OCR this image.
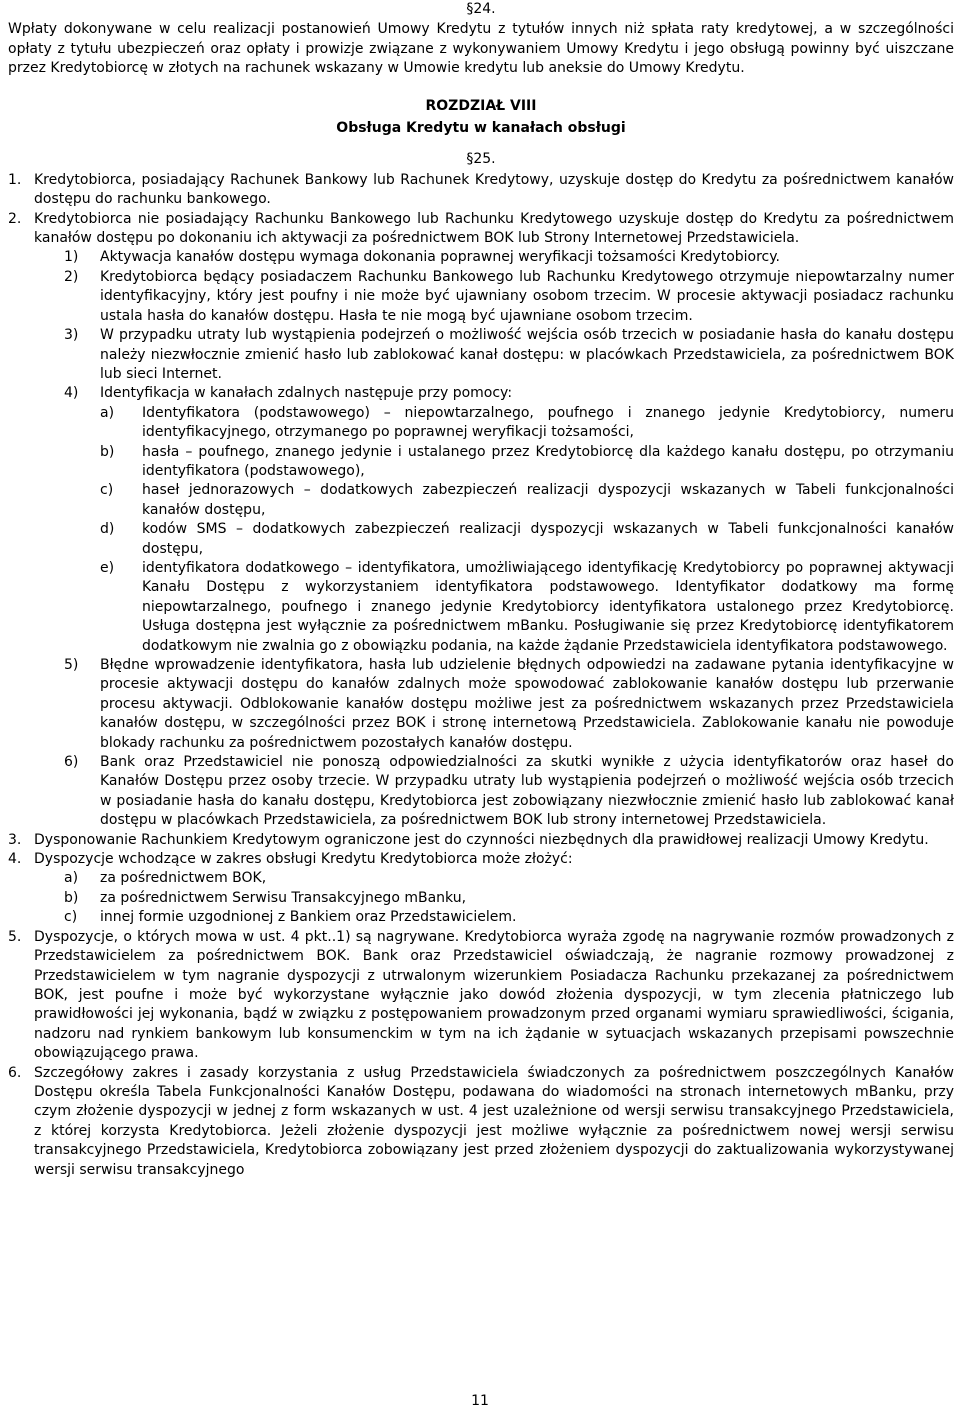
§24.

Wpłaty dokonywane w celu realizacji postanowień Umowy Kredytu z tytułów innych niż spłata raty kredytowej, a w szczególności opłaty z tytułu ubezpieczeń oraz opłaty i prowizje związane z wykonywaniem Umowy Kredytu i jego obsługą powinny być uiszczane przez Kredytobiorcę w złotych na rachunek wskazany w Umowie kredytu lub aneksie do Umowy Kredytu.

ROZDZIAŁ VIII
Obsługa Kredytu w kanałach obsługi
§25.
1. Kredytobiorca, posiadający Rachunek Bankowy lub Rachunek Kredytowy, uzyskuje dostęp do Kredytu za pośrednictwem kanałów dostępu do rachunku bankowego.
2. Kredytobiorca nie posiadający Rachunku Bankowego lub Rachunku Kredytowego uzyskuje dostęp do Kredytu za pośrednictwem kanałów dostępu po dokonaniu ich aktywacji za pośrednictwem BOK lub Strony Internetowej Przedstawiciela.
1) Aktywacja kanałów dostępu wymaga dokonania poprawnej weryfikacji tożsamości Kredytobiorcy.
2) Kredytobiorca będący posiadaczem Rachunku Bankowego lub Rachunku Kredytowego otrzymuje niepowtarzalny numer identyfikacyjny, który jest poufny i nie może być ujawniany osobom trzecim. W procesie aktywacji posiadacz rachunku ustala hasła do kanałów dostępu. Hasła te nie mogą być ujawniane osobom trzecim.
3) W przypadku utraty lub wystąpienia podejrzeń o możliwość wejścia osób trzecich w posiadanie hasła do kanału dostępu należy niezwłocznie zmienić hasło lub zablokować kanał dostępu: w placówkach Przedstawiciela, za pośrednictwem BOK lub sieci Internet.
4) Identyfikacja w kanałach zdalnych następuje przy pomocy:
a) Identyfikatora (podstawowego) – niepowtarzalnego, poufnego i znanego jedynie Kredytobiorcy, numeru identyfikacyjnego, otrzymanego po poprawnej weryfikacji tożsamości,
b) hasła – poufnego, znanego jedynie i ustalanego przez Kredytobiorcę dla każdego kanału dostępu, po otrzymaniu identyfikatora (podstawowego),
c) haseł jednorazowych – dodatkowych zabezpieczeń realizacji dyspozycji wskazanych w Tabeli funkcjonalności kanałów dostępu,
d) kodów SMS – dodatkowych zabezpieczeń realizacji dyspozycji wskazanych w Tabeli funkcjonalności kanałów dostępu,
e) identyfikatora dodatkowego – identyfikatora, umożliwiającego identyfikację Kredytobiorcy po poprawnej aktywacji Kanału Dostępu z wykorzystaniem identyfikatora podstawowego. Identyfikator dodatkowy ma formę niepowtarzalnego, poufnego i znanego jedynie Kredytobiorcy identyfikatora ustalonego przez Kredytobiorcę. Usługa dostępna jest wyłącznie za pośrednictwem mBanku. Posługiwanie się przez Kredytobiorcę identyfikatorem dodatkowym nie zwalnia go z obowiązku podania, na każde żądanie Przedstawiciela identyfikatora podstawowego.
5) Błędne wprowadzenie identyfikatora, hasła lub udzielenie błędnych odpowiedzi na zadawane pytania identyfikacyjne w procesie aktywacji dostępu do kanałów zdalnych może spowodować zablokowanie kanałów dostępu lub przerwanie procesu aktywacji. Odblokowanie kanałów dostępu możliwe jest za pośrednictwem wskazanych przez Przedstawiciela kanałów dostępu, w szczególności przez BOK i stronę internetową Przedstawiciela. Zablokowanie kanału nie powoduje blokady rachunku za pośrednictwem pozostałych kanałów dostępu.
6) Bank oraz Przedstawiciel nie ponoszą odpowiedzialności za skutki wynikłe z użycia identyfikatorów oraz haseł do Kanałów Dostępu przez osoby trzecie. W przypadku utraty lub wystąpienia podejrzeń o możliwość wejścia osób trzecich w posiadanie hasła do kanału dostępu, Kredytobiorca jest zobowiązany niezwłocznie zmienić hasło lub zablokować kanał dostępu w placówkach Przedstawiciela, za pośrednictwem BOK lub strony internetowej Przedstawiciela.
3. Dysponowanie Rachunkiem Kredytowym ograniczone jest do czynności niezbędnych dla prawidłowej realizacji Umowy Kredytu.
4. Dyspozycje wchodzące w zakres obsługi Kredytu Kredytobiorca może złożyć:
a) za pośrednictwem BOK,
b) za pośrednictwem Serwisu Transakcyjnego mBanku,
c) innej formie uzgodnionej z Bankiem oraz Przedstawicielem.
5. Dyspozycje, o których mowa w ust. 4 pkt..1) są nagrywane. Kredytobiorca wyraża zgodę na nagrywanie rozmów prowadzonych z Przedstawicielem za pośrednictwem BOK. Bank oraz Przedstawiciel oświadczają, że nagranie rozmowy prowadzonej z Przedstawicielem w tym nagranie dyspozycji z utrwalonym wizerunkiem Posiadacza Rachunku przekazanej za pośrednictwem BOK, jest poufne i może być wykorzystane wyłącznie jako dowód złożenia dyspozycji, w tym zlecenia płatniczego lub prawidłowości jej wykonania, bądź w związku z postępowaniem prowadzonym przed organami wymiaru sprawiedliwości, ścigania, nadzoru nad rynkiem bankowym lub konsumenckim w tym na ich żądanie w sytuacjach wskazanych przepisami powszechnie obowiązującego prawa.
6. Szczegółowy zakres i zasady korzystania z usług Przedstawiciela świadczonych za pośrednictwem poszczególnych Kanałów Dostępu określa Tabela Funkcjonalności Kanałów Dostępu, podawana do wiadomości na stronach internetowych mBanku, przy czym złożenie dyspozycji w jednej z form wskazanych w ust. 4 jest uzależnione od wersji serwisu transakcyjnego Przedstawiciela, z której korzysta Kredytobiorca. Jeżeli złożenie dyspozycji jest możliwe wyłącznie za pośrednictwem nowej wersji serwisu transakcyjnego Przedstawiciela, Kredytobiorca zobowiązany jest przed złożeniem dyspozycji do zaktualizowania wykorzystywanej wersji serwisu transakcyjnego
11
